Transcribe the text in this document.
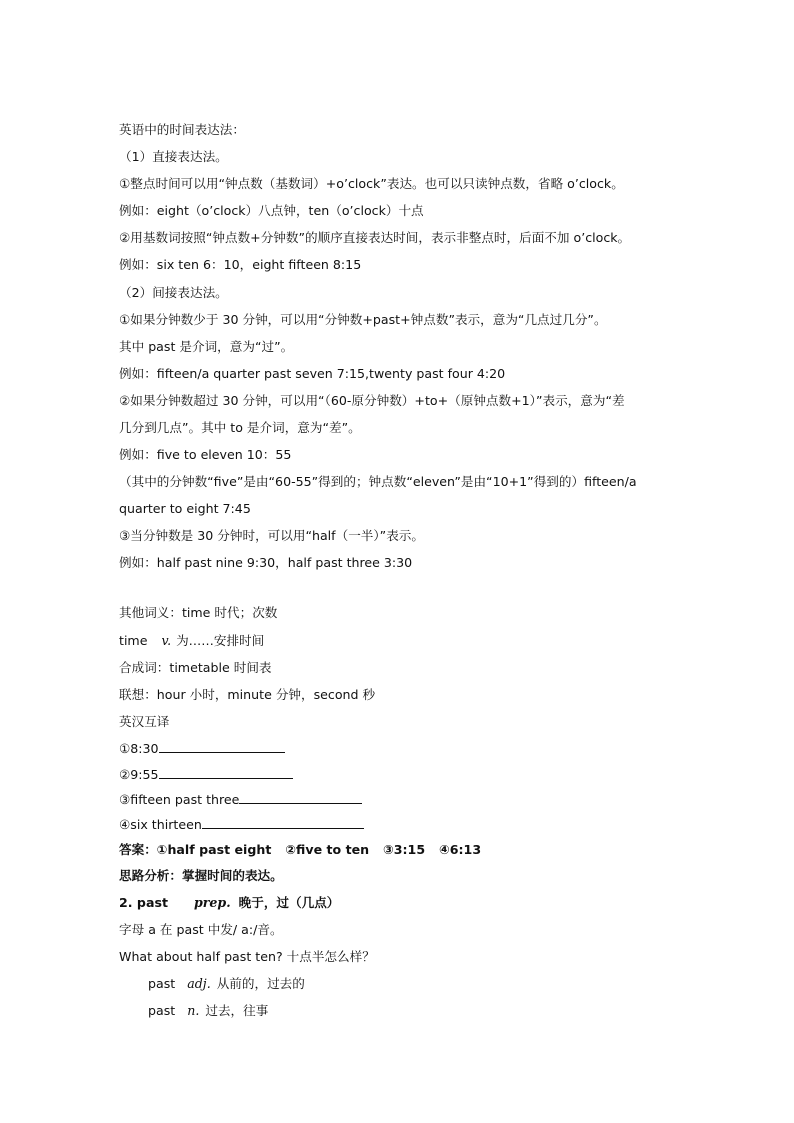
英语中的时间表达法：
（1）直接表达法。
①整点时间可以用“钟点数（基数词）+o’clock”表达。也可以只读钟点数，省略 o’clock。
例如：eight（o’clock）八点钟，ten（o’clock）十点
②用基数词按照“钟点数+分钟数”的顺序直接表达时间，表示非整点时，后面不加 o’clock。
例如：six ten 6：10，eight fifteen 8:15
（2）间接表达法。
①如果分钟数少于 30 分钟，可以用“分钟数+past+钟点数”表示，意为“几点过几分”。
其中 past 是介词，意为“过”。
例如：fifteen/a quarter past seven 7:15,twenty past four 4:20
②如果分钟数超过 30 分钟，可以用“（60-原分钟数）+to+（原钟点数+1）”表示，意为“差
几分到几点”。其中 to 是介词，意为“差”。
例如：five to eleven 10：55
（其中的分钟数“five”是由“60-55”得到的；钟点数“eleven”是由“10+1”得到的）fifteen/a
quarter to eight 7:45
③当分钟数是 30 分钟时，可以用“half（一半）”表示。
例如：half past nine 9:30，half past three 3:30
其他词义：time 时代；次数
time v. 为……安排时间
合成词：timetable 时间表
联想：hour 小时，minute 分钟，second 秒
英汉互译
①8:30
②9:55
③fifteen past three
④six thirteen
答案：①half past eight ②five to ten ③3:15 ④6:13
思路分析：掌握时间的表达。
2. past prep. 晚于，过（几点）
字母 a 在 past 中发/ a:/音。
What about half past ten? 十点半怎么样？
past adj. 从前的，过去的
past n. 过去，往事
